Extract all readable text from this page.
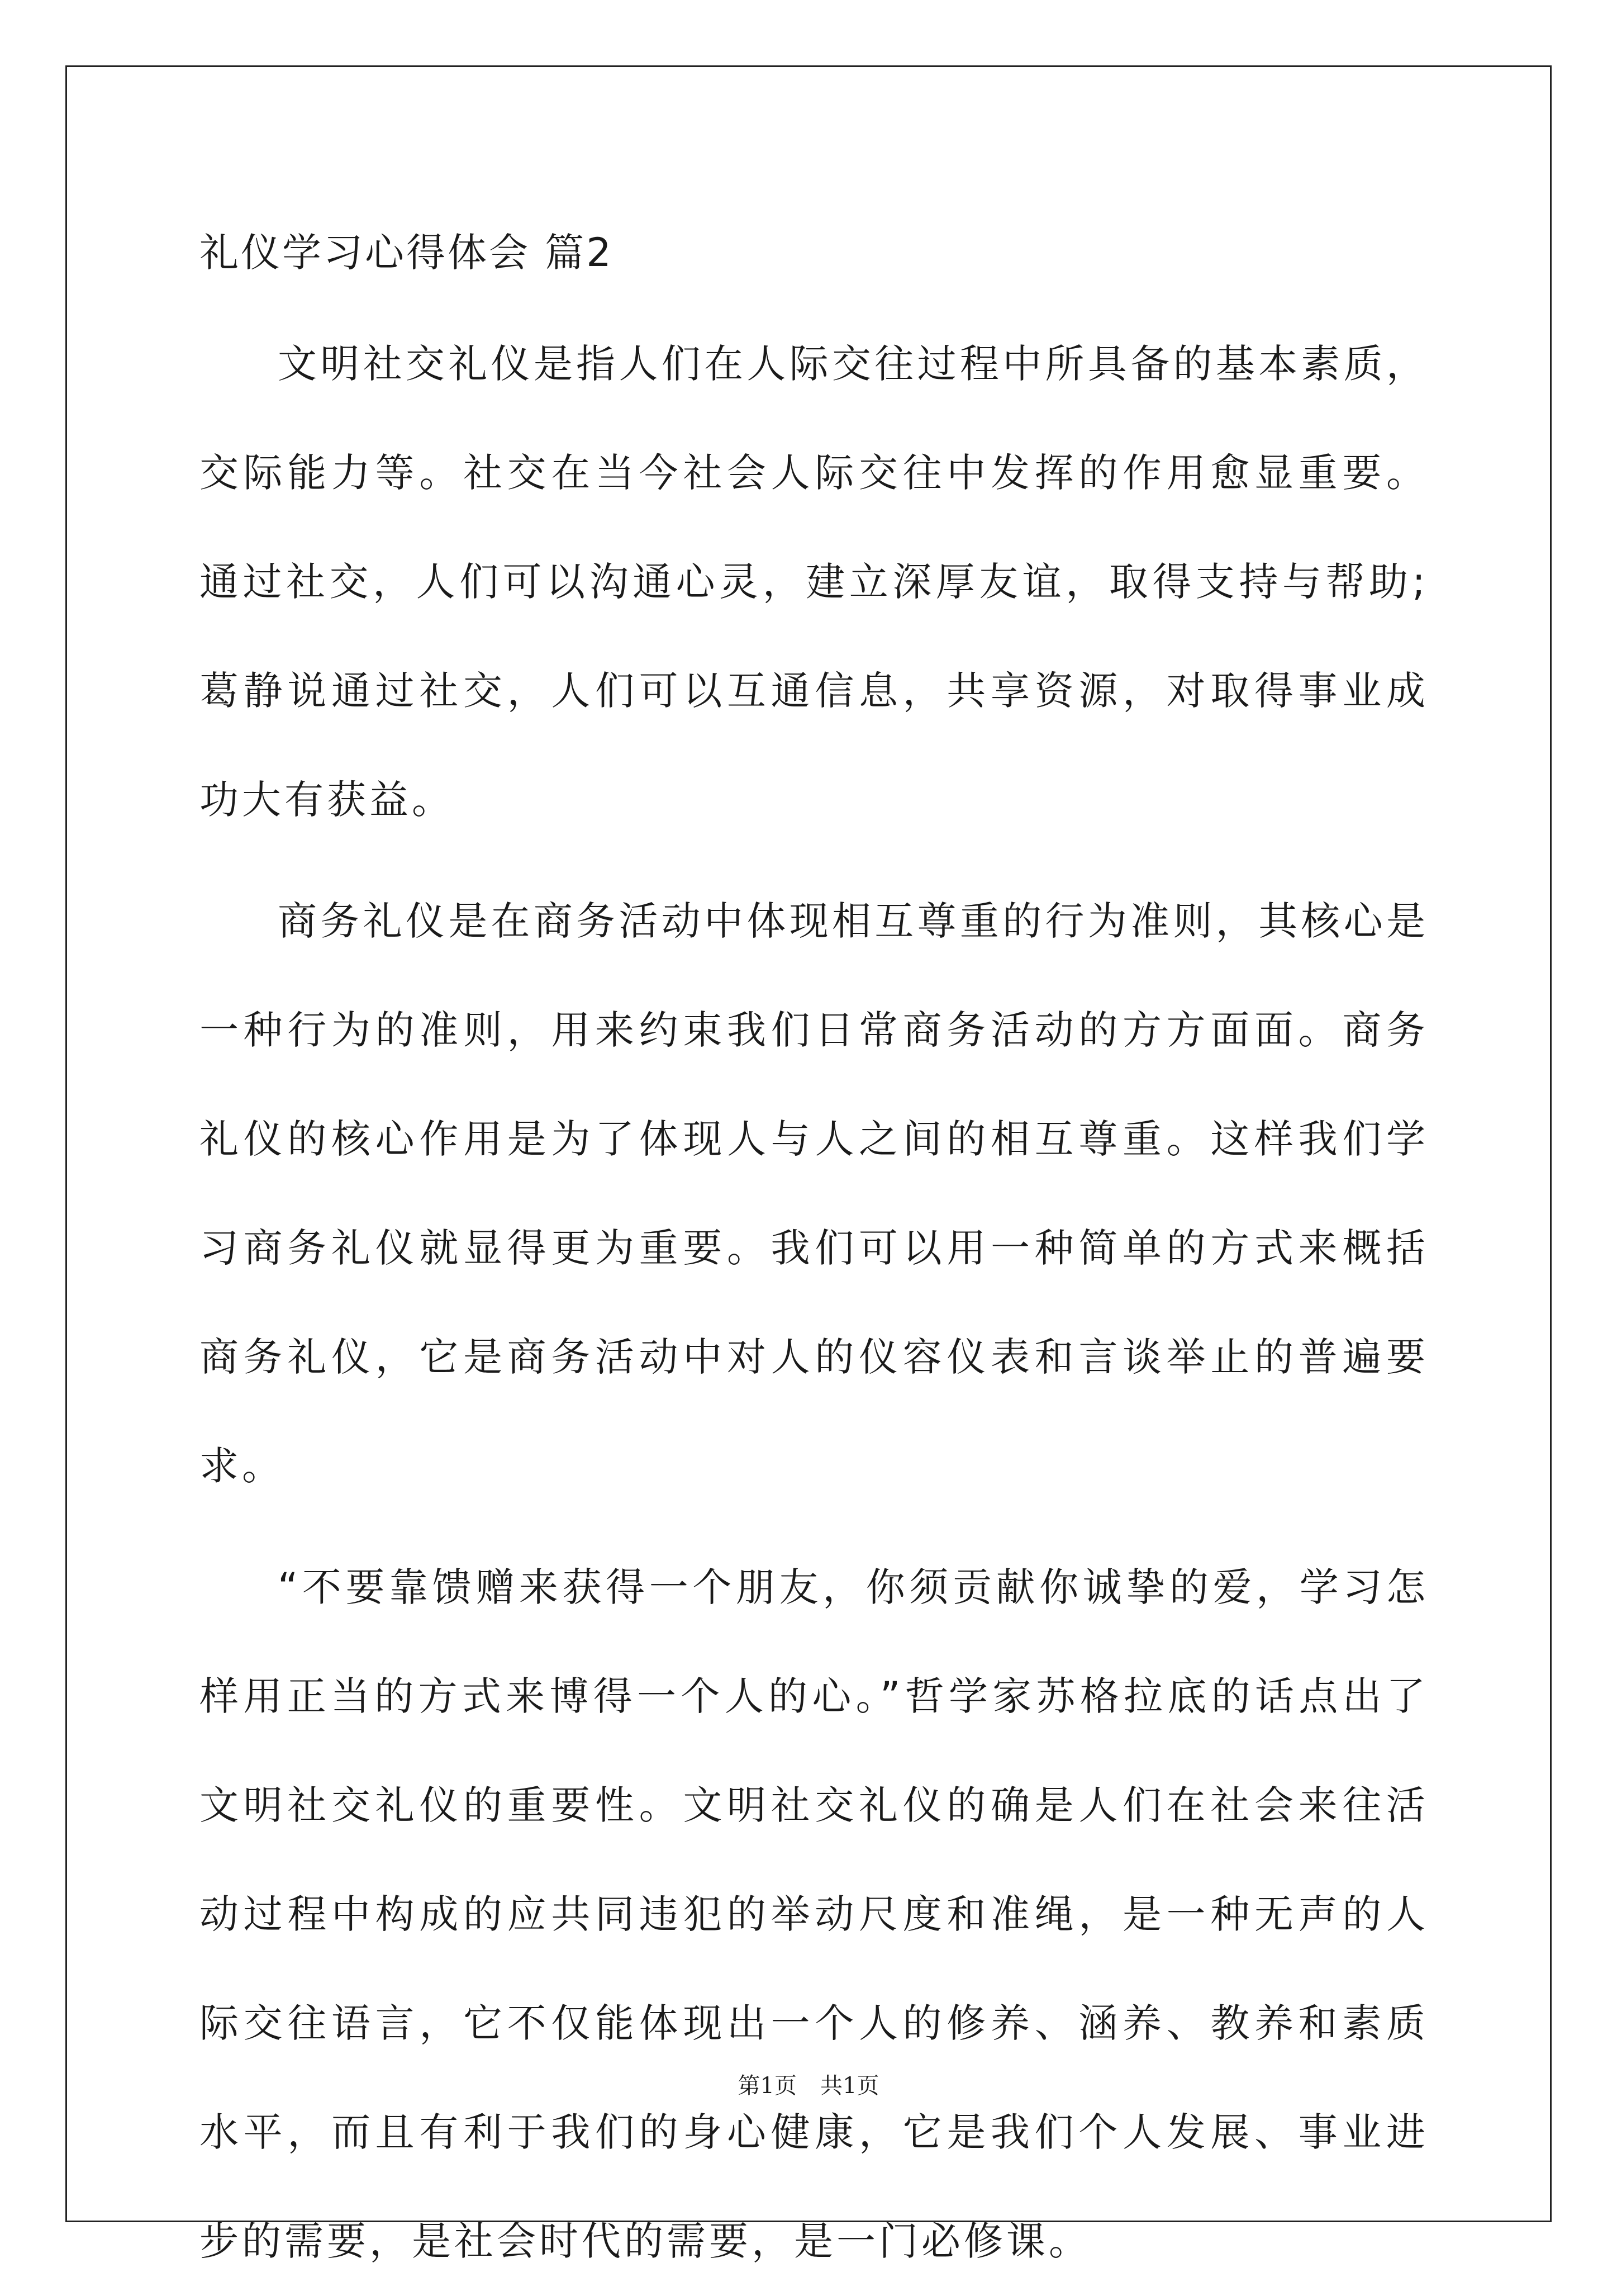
礼仪学习心得体会 篇2

文明社交礼仪是指人们在人际交往过程中所具备的基本素质，交际能力等。社交在当今社会人际交往中发挥的作用愈显重要。通过社交，人们可以沟通心灵，建立深厚友谊，取得支持与帮助;葛静说通过社交，人们可以互通信息，共享资源，对取得事业成功大有获益。

商务礼仪是在商务活动中体现相互尊重的行为准则，其核心是一种行为的准则，用来约束我们日常商务活动的方方面面。商务礼仪的核心作用是为了体现人与人之间的相互尊重。这样我们学习商务礼仪就显得更为重要。我们可以用一种简单的方式来概括商务礼仪，它是商务活动中对人的仪容仪表和言谈举止的普遍要求。

“不要靠馈赠来获得一个朋友，你须贡献你诚挚的爱，学习怎样用正当的方式来博得一个人的心。”哲学家苏格拉底的话点出了文明社交礼仪的重要性。文明社交礼仪的确是人们在社会来往活动过程中构成的应共同违犯的举动尺度和准绳，是一种无声的人际交往语言，它不仅能体现出一个人的修养、涵养、教养和素质水平，而且有利于我们的身心健康，它是我们个人发展、事业进步的需要，是社会时代的需要，是一门必修课。

第1页 共1页
